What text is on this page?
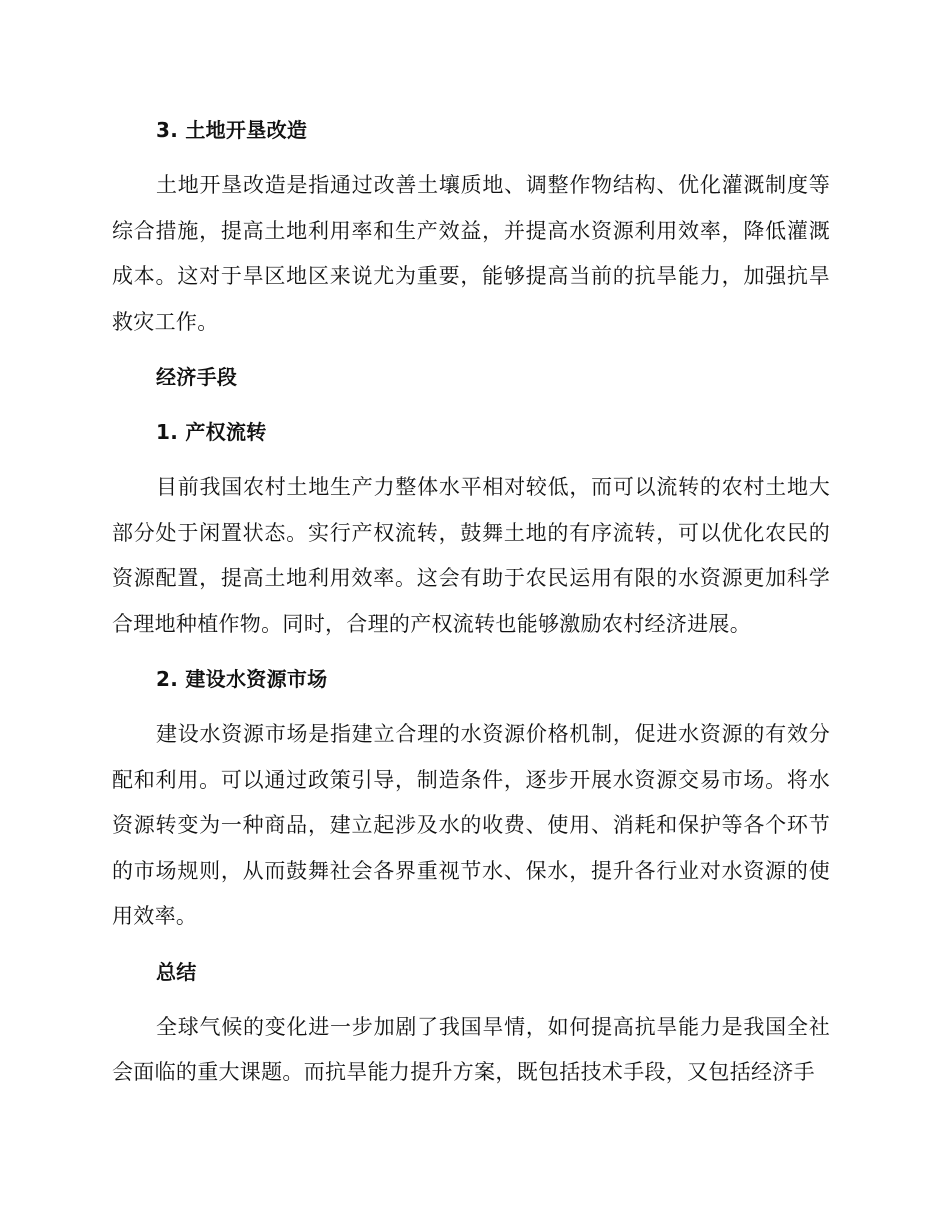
3. 土地开垦改造

土地开垦改造是指通过改善土壤质地、调整作物结构、优化灌溉制度等综合措施，提高土地利用率和生产效益，并提高水资源利用效率，降低灌溉成本。这对于旱区地区来说尤为重要，能够提高当前的抗旱能力，加强抗旱救灾工作。

经济手段
1. 产权流转

目前我国农村土地生产力整体水平相对较低，而可以流转的农村土地大部分处于闲置状态。实行产权流转，鼓舞土地的有序流转，可以优化农民的资源配置，提高土地利用效率。这会有助于农民运用有限的水资源更加科学合理地种植作物。同时，合理的产权流转也能够激励农村经济进展。

2. 建设水资源市场

建设水资源市场是指建立合理的水资源价格机制，促进水资源的有效分配和利用。可以通过政策引导，制造条件，逐步开展水资源交易市场。将水资源转变为一种商品，建立起涉及水的收费、使用、消耗和保护等各个环节的市场规则，从而鼓舞社会各界重视节水、保水，提升各行业对水资源的使用效率。

总结

全球气候的变化进一步加剧了我国旱情，如何提高抗旱能力是我国全社会面临的重大课题。而抗旱能力提升方案，既包括技术手段，又包括经济手
